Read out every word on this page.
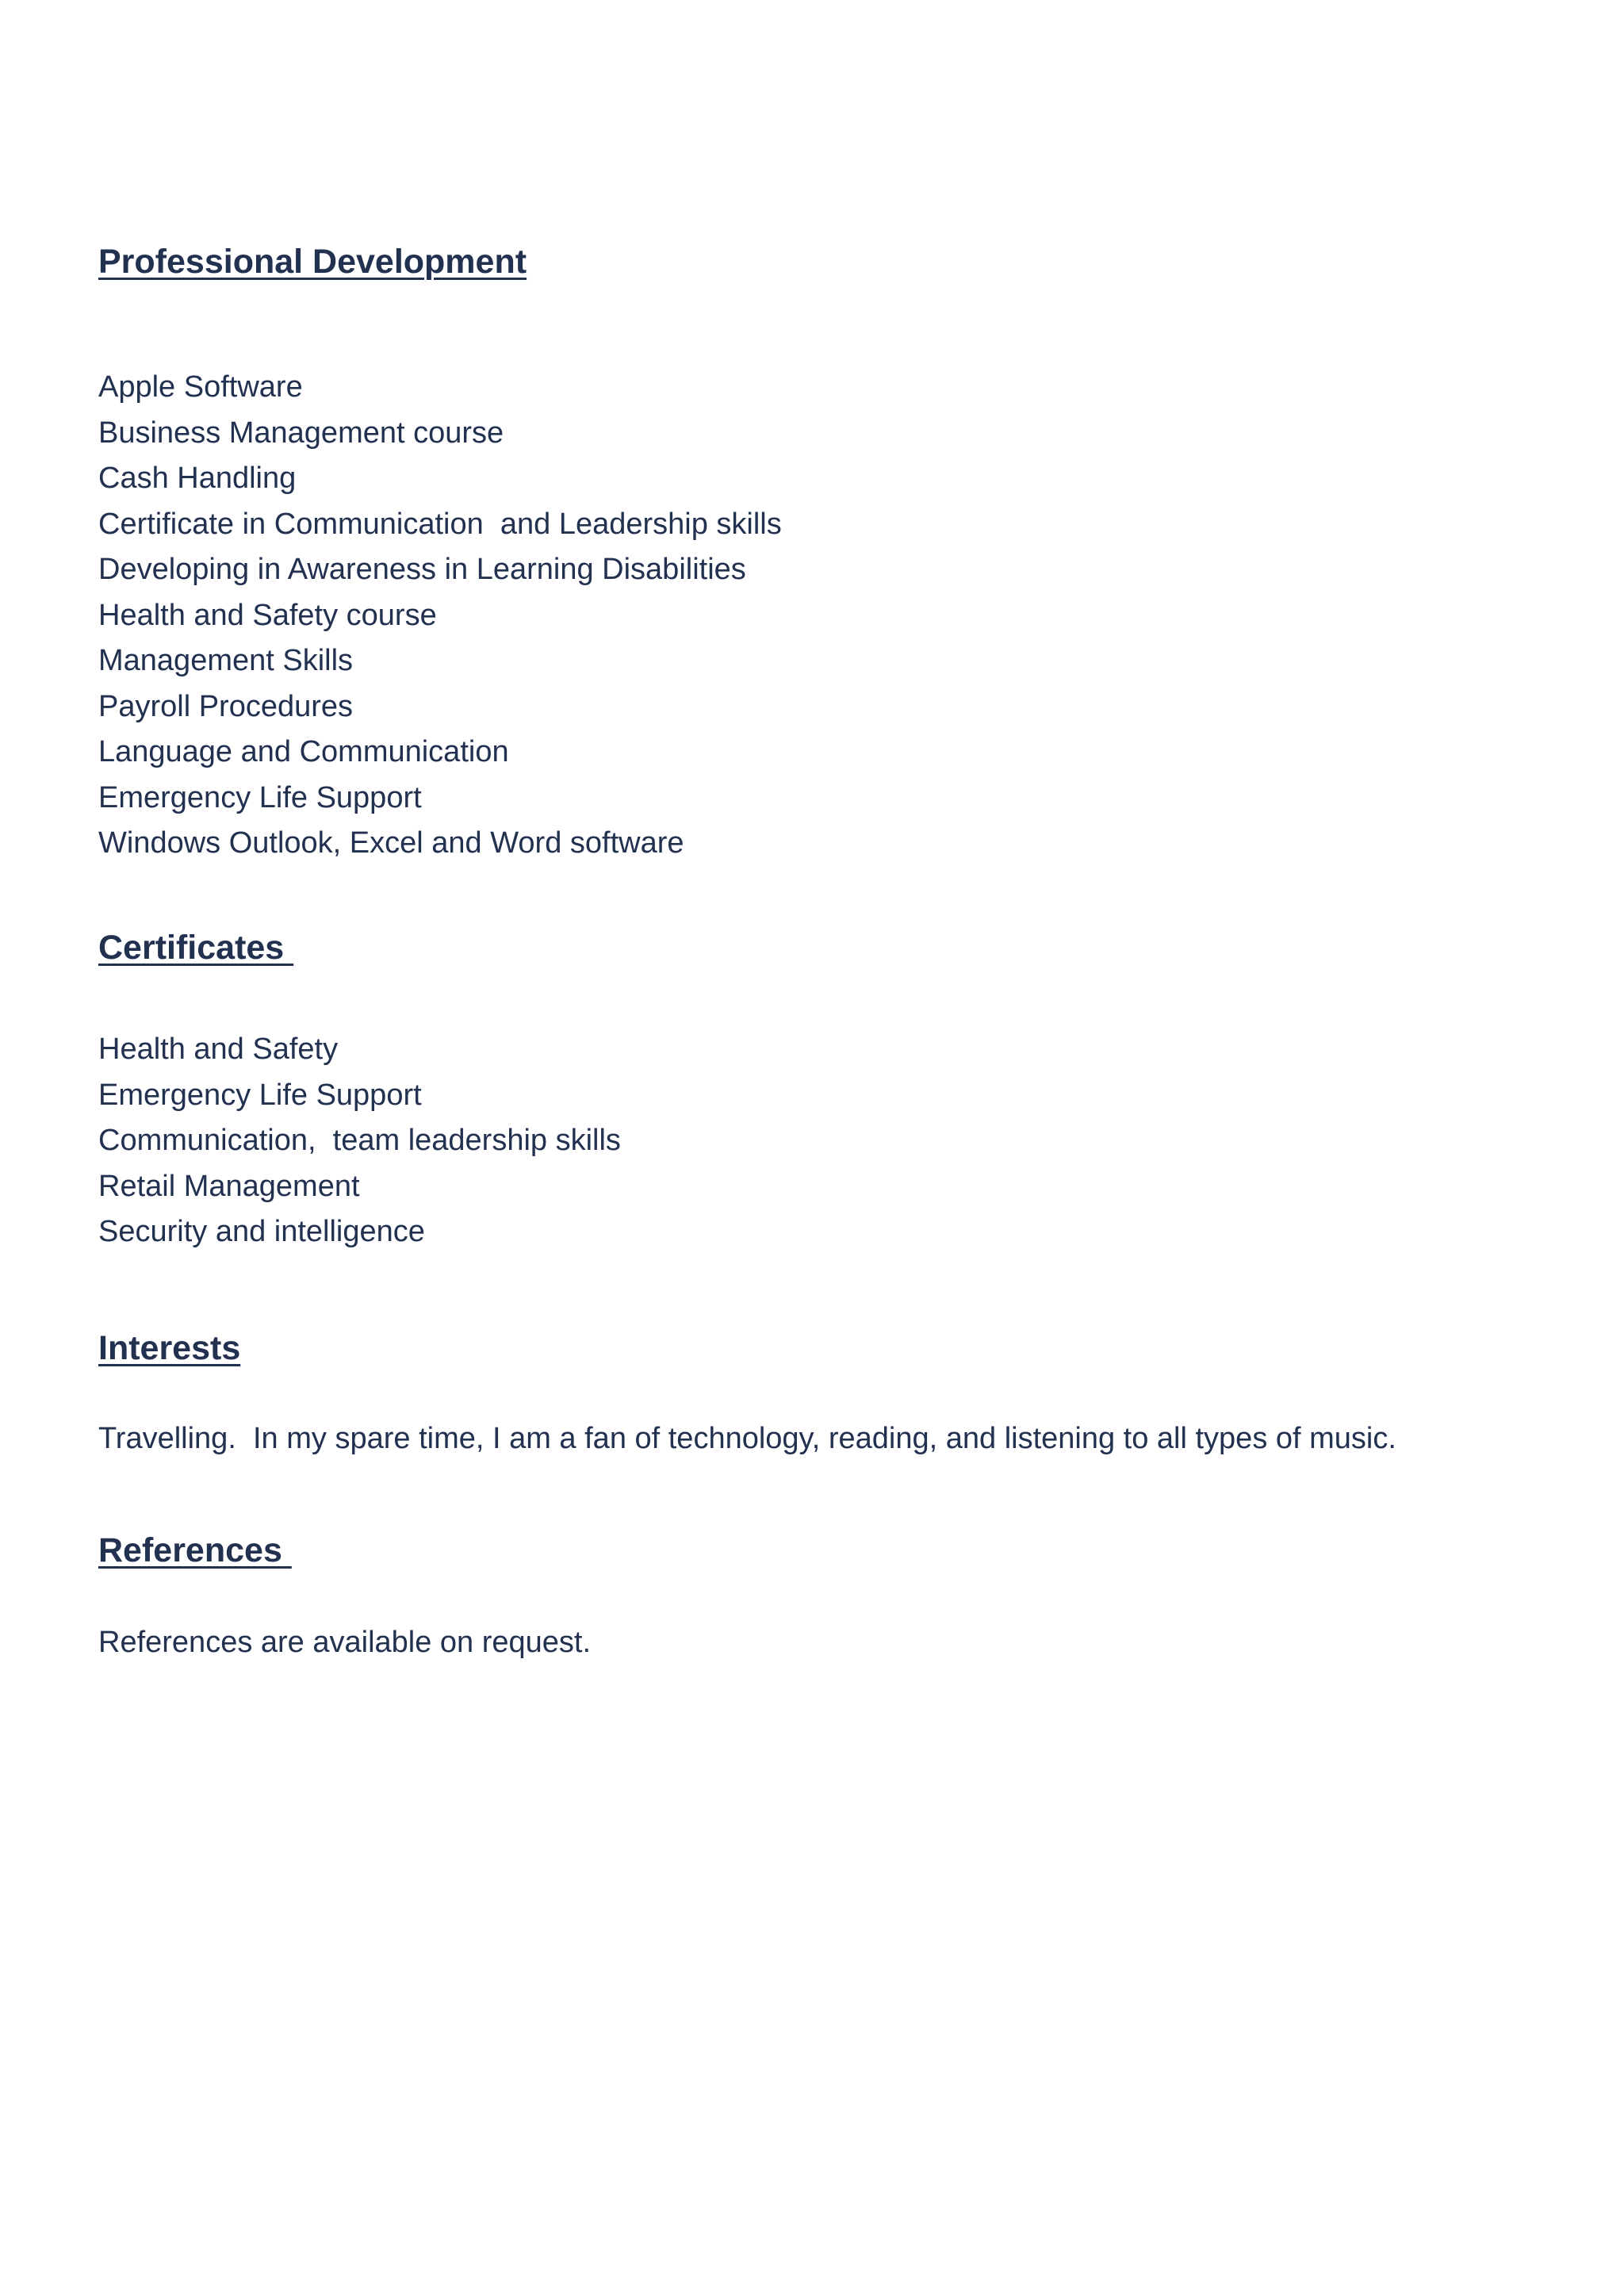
Professional Development
Apple Software
Business Management course
Cash Handling
Certificate in Communication  and Leadership skills
Developing in Awareness in Learning Disabilities
Health and Safety course
Management Skills
Payroll Procedures
Language and Communication
Emergency Life Support
Windows Outlook, Excel and Word software
Certificates
Health and Safety
Emergency Life Support
Communication,  team leadership skills
Retail Management
Security and intelligence
Interests

Travelling.  In my spare time, I am a fan of technology, reading, and listening to all types of music.

References

References are available on request.
